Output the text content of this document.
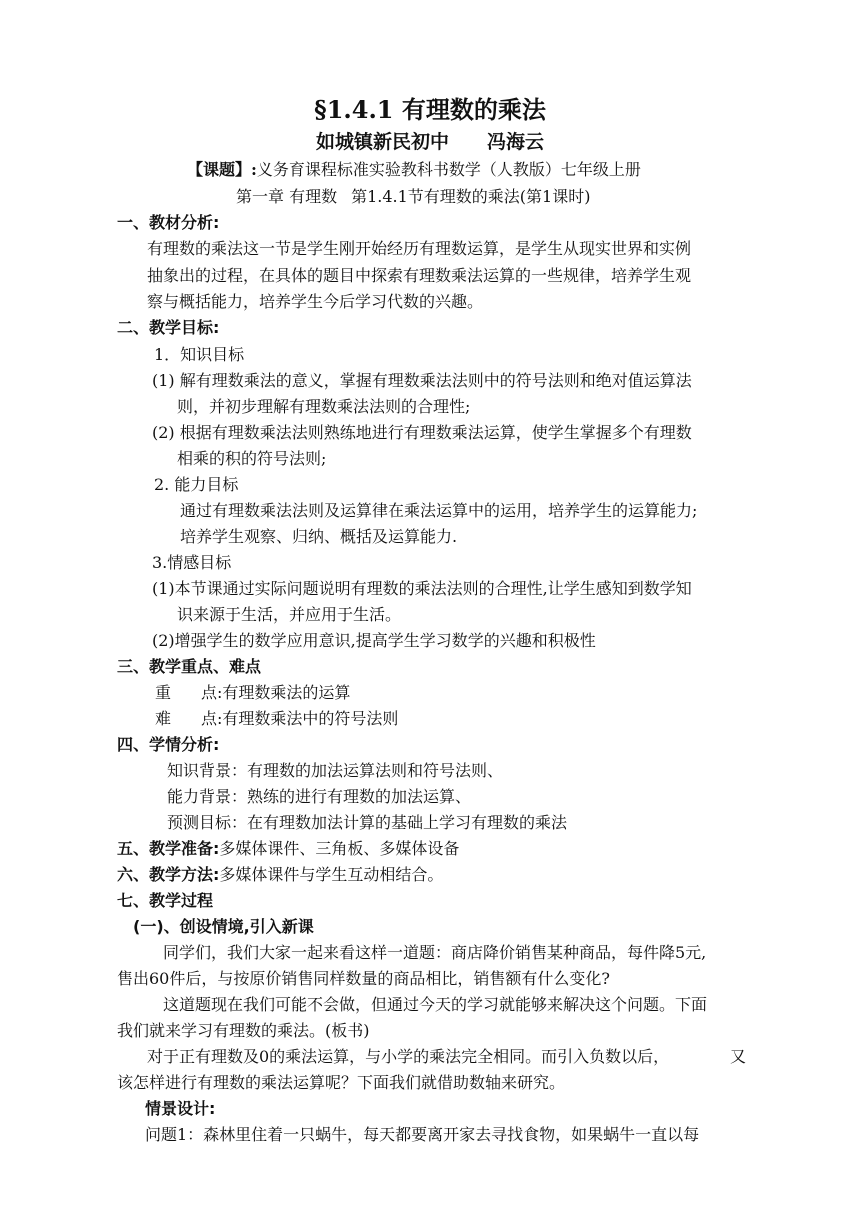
§1.4.1 有理数的乘法
如城镇新民初中 冯海云
【课题】:义务育课程标准实验教科书数学（人教版）七年级上册
第一章 有理数 第1.4.1节有理数的乘法(第1课时)
一、教材分析:
有理数的乘法这一节是学生刚开始经历有理数运算，是学生从现实世界和实例
抽象出的过程，在具体的题目中探索有理数乘法运算的一些规律，培养学生观
察与概括能力，培养学生今后学习代数的兴趣。
二、教学目标:
1．知识目标
(1) 解有理数乘法的意义，掌握有理数乘法法则中的符号法则和绝对值运算法
则，并初步理解有理数乘法法则的合理性;
(2) 根据有理数乘法法则熟练地进行有理数乘法运算，使学生掌握多个有理数
相乘的积的符号法则;
2. 能力目标
通过有理数乘法法则及运算律在乘法运算中的运用，培养学生的运算能力;
培养学生观察、归纳、概括及运算能力.
3.情感目标
(1)本节课通过实际问题说明有理数的乘法法则的合理性,让学生感知到数学知
识来源于生活，并应用于生活。
(2)增强学生的数学应用意识,提高学生学习数学的兴趣和积极性
三、教学重点、难点
重 点:有理数乘法的运算
难 点:有理数乘法中的符号法则
四、学情分析:
知识背景：有理数的加法运算法则和符号法则、
能力背景：熟练的进行有理数的加法运算、
预测目标：在有理数加法计算的基础上学习有理数的乘法
五、教学准备:多媒体课件、三角板、多媒体设备
六、教学方法:多媒体课件与学生互动相结合。
七、教学过程
(一)、创设情境,引入新课
同学们，我们大家一起来看这样一道题：商店降价销售某种商品，每件降5元,
售出60件后，与按原价销售同样数量的商品相比，销售额有什么变化?
这道题现在我们可能不会做，但通过今天的学习就能够来解决这个问题。下面
我们就来学习有理数的乘法。(板书)
对于正有理数及0的乘法运算，与小学的乘法完全相同。而引入负数以后，	又
该怎样进行有理数的乘法运算呢？下面我们就借助数轴来研究。
情景设计:
问题1：森林里住着一只蜗牛，每天都要离开家去寻找食物，如果蜗牛一直以每
